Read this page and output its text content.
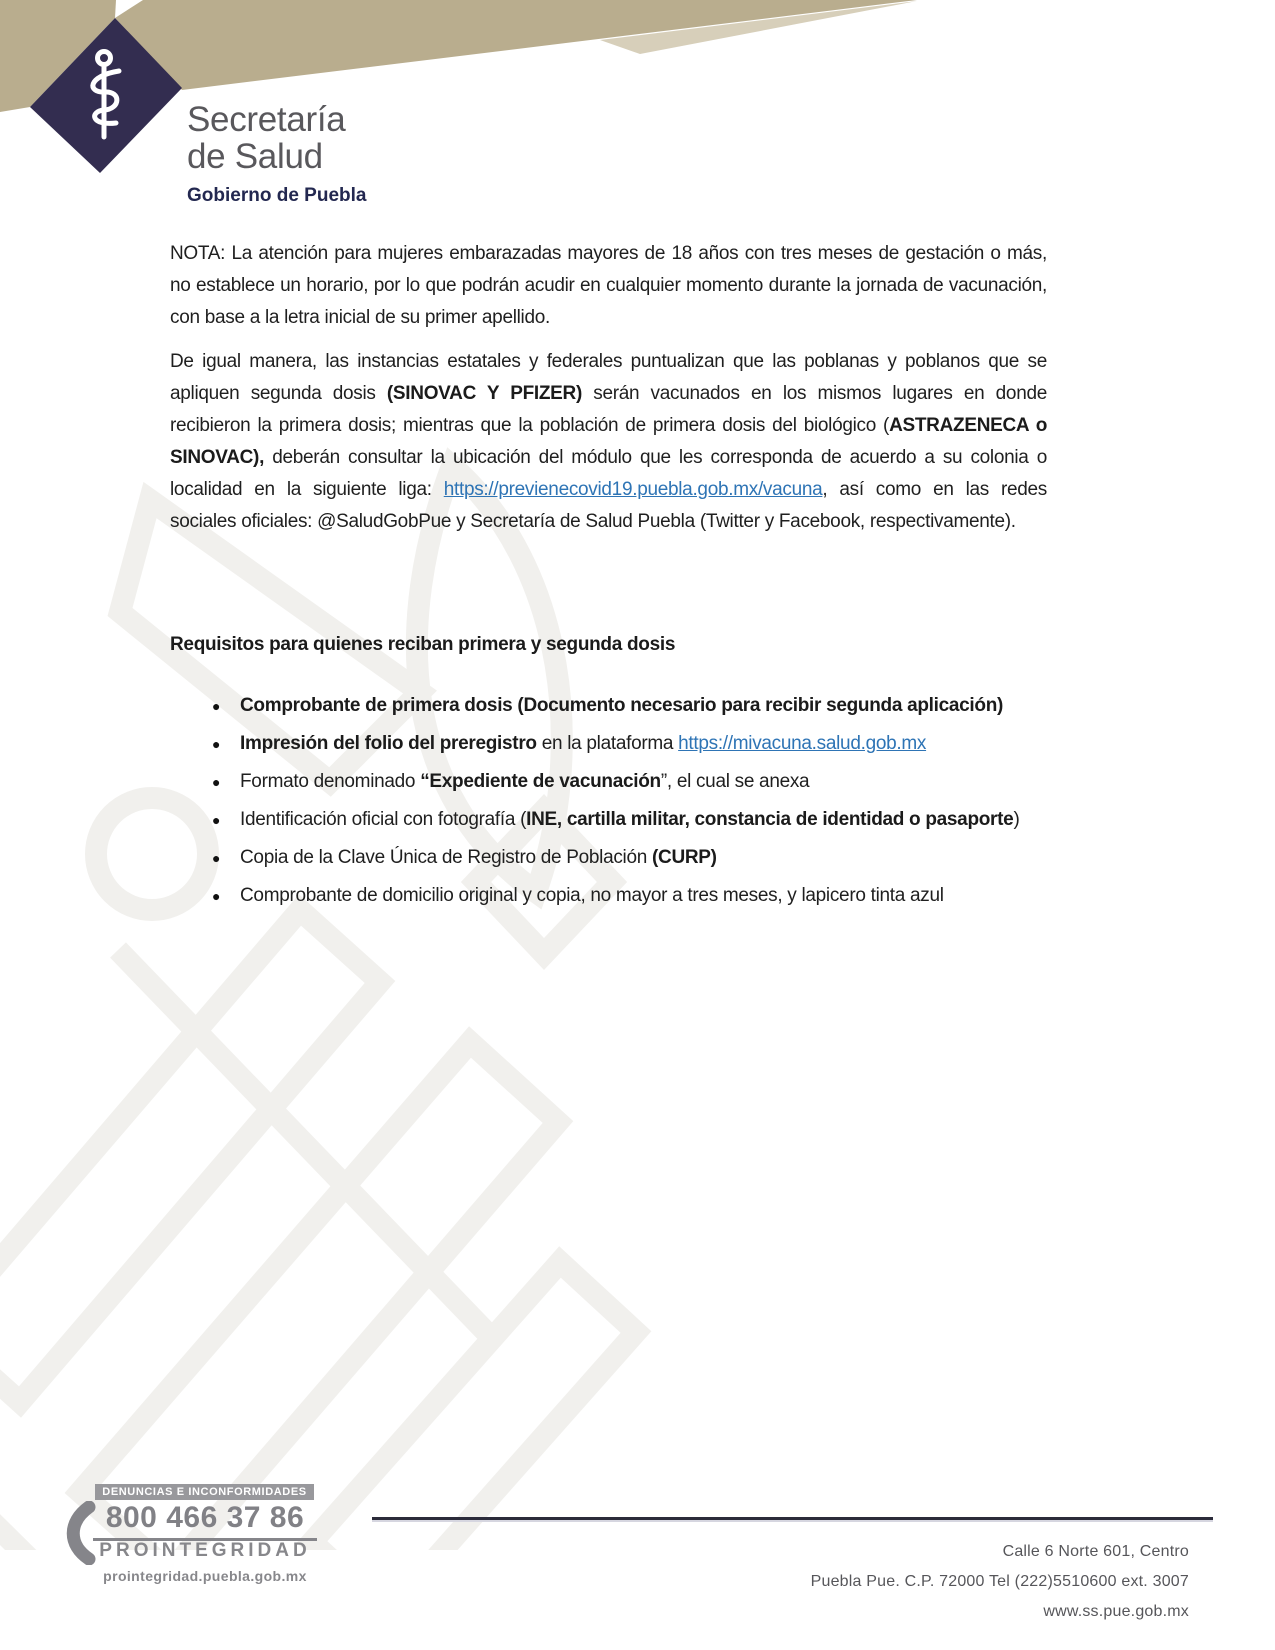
Secretaría
de Salud
Gobierno de Puebla

NOTA: La atención para mujeres embarazadas mayores de 18 años con tres meses de gestación o más, no establece un horario, por lo que podrán acudir en cualquier momento durante la jornada de vacunación, con base a la letra inicial de su primer apellido.

De igual manera, las instancias estatales y federales puntualizan que las poblanas y poblanos que se apliquen segunda dosis (SINOVAC Y PFIZER) serán vacunados en los mismos lugares en donde recibieron la primera dosis; mientras que la población de primera dosis del biológico (ASTRAZENECA o SINOVAC), deberán consultar la ubicación del módulo que les corresponda de acuerdo a su colonia o localidad en la siguiente liga: https://previenecovid19.puebla.gob.mx/vacuna, así como en las redes sociales oficiales: @SaludGobPue y Secretaría de Salud Puebla (Twitter y Facebook, respectivamente).

Requisitos para quienes reciban primera y segunda dosis
● Comprobante de primera dosis (Documento necesario para recibir segunda aplicación)
● Impresión del folio del preregistro en la plataforma https://mivacuna.salud.gob.mx
● Formato denominado “Expediente de vacunación”, el cual se anexa
● Identificación oficial con fotografía (INE, cartilla militar, constancia de identidad o pasaporte)
● Copia de la Clave Única de Registro de Población (CURP)
● Comprobante de domicilio original y copia, no mayor a tres meses, y lapicero tinta azul
DENUNCIAS E INCONFORMIDADES
800 466 37 86
PROINTEGRIDAD
prointegridad.puebla.gob.mx
Calle 6 Norte 601, Centro
Puebla Pue. C.P. 72000 Tel (222)5510600 ext. 3007
www.ss.pue.gob.mx
